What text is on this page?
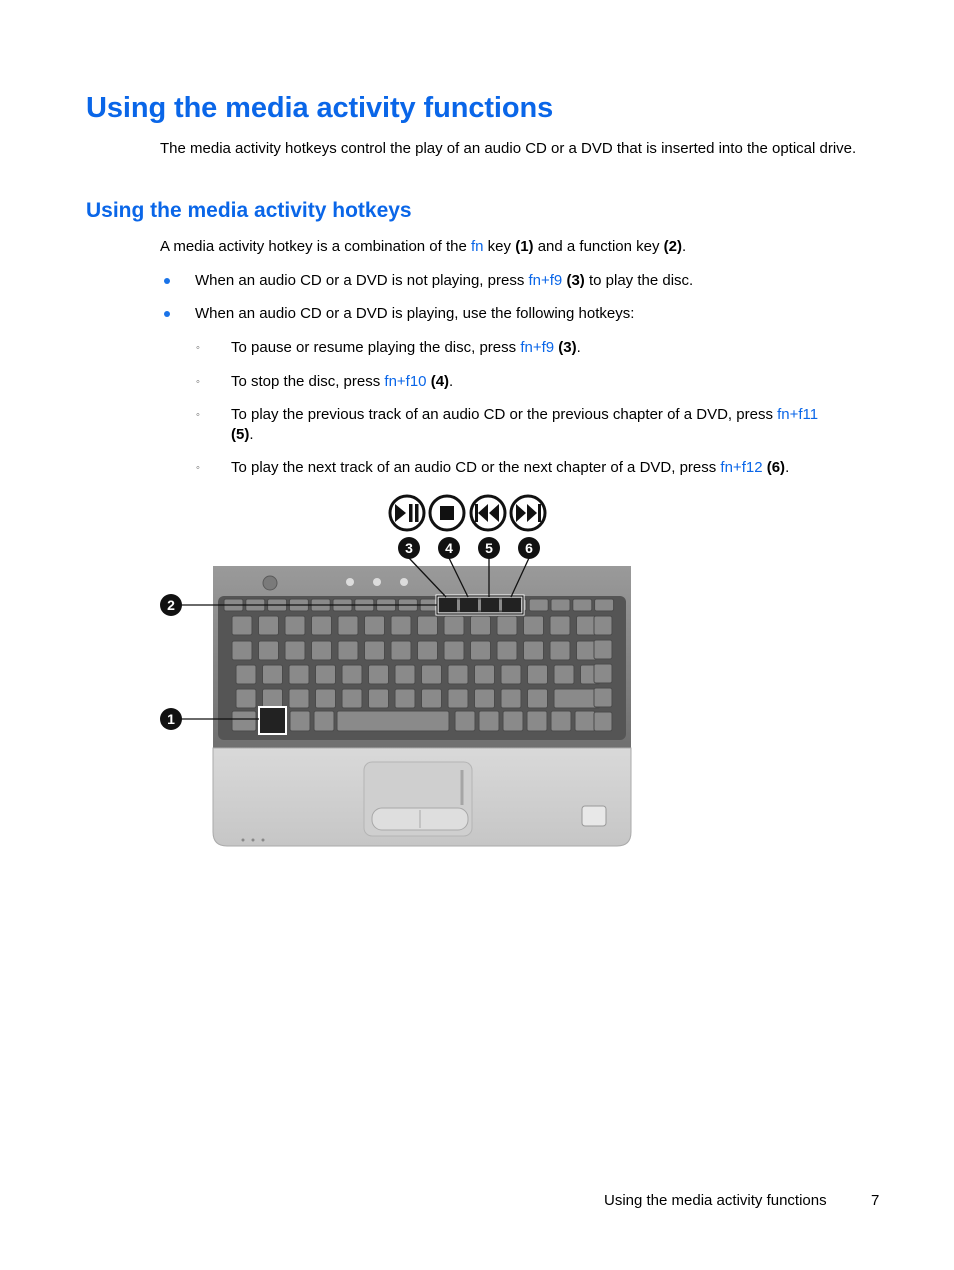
Using the media activity functions

The media activity hotkeys control the play of an audio CD or a DVD that is inserted into the optical drive.

Using the media activity hotkeys

A media activity hotkey is a combination of the fn key (1) and a function key (2).

When an audio CD or a DVD is not playing, press fn+f9 (3) to play the disc.

When an audio CD or a DVD is playing, use the following hotkeys:

◦ To pause or resume playing the disc, press fn+f9 (3).

◦ To stop the disc, press fn+f10 (4).

◦ To play the previous track of an audio CD or the previous chapter of a DVD, press fn+f11
(5).

◦ To play the next track of an audio CD or the next chapter of a DVD, press fn+f12 (6).

3 4 5 6
2
1
Using the media activity functions	7
